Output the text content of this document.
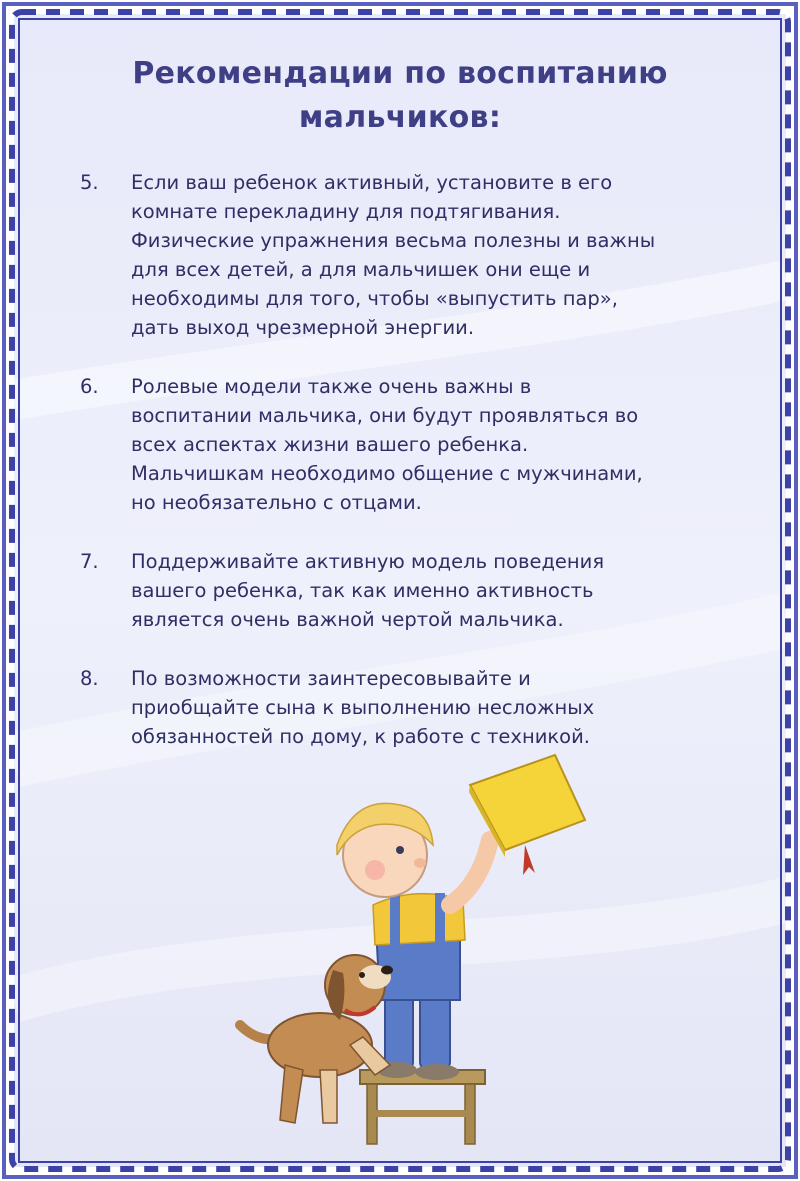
Рекомендации по воспитанию
мальчиков:
5. Если ваш ребенок активный, установите в его
комнате перекладину для подтягивания.
Физические упражнения весьма полезны и важны
для всех детей, а для мальчишек они еще и
необходимы для того, чтобы «выпустить пар»,
дать выход чрезмерной энергии.
6. Ролевые модели также очень важны в
воспитании мальчика, они будут проявляться во
всех аспектах жизни вашего ребенка.
Мальчишкам необходимо общение с мужчинами,
но необязательно с отцами.
7. Поддерживайте активную модель поведения
вашего ребенка, так как именно активность
является очень важной чертой мальчика.
8. По возможности заинтересовывайте и
приобщайте сына к выполнению несложных
обязанностей по дому, к работе с техникой.
